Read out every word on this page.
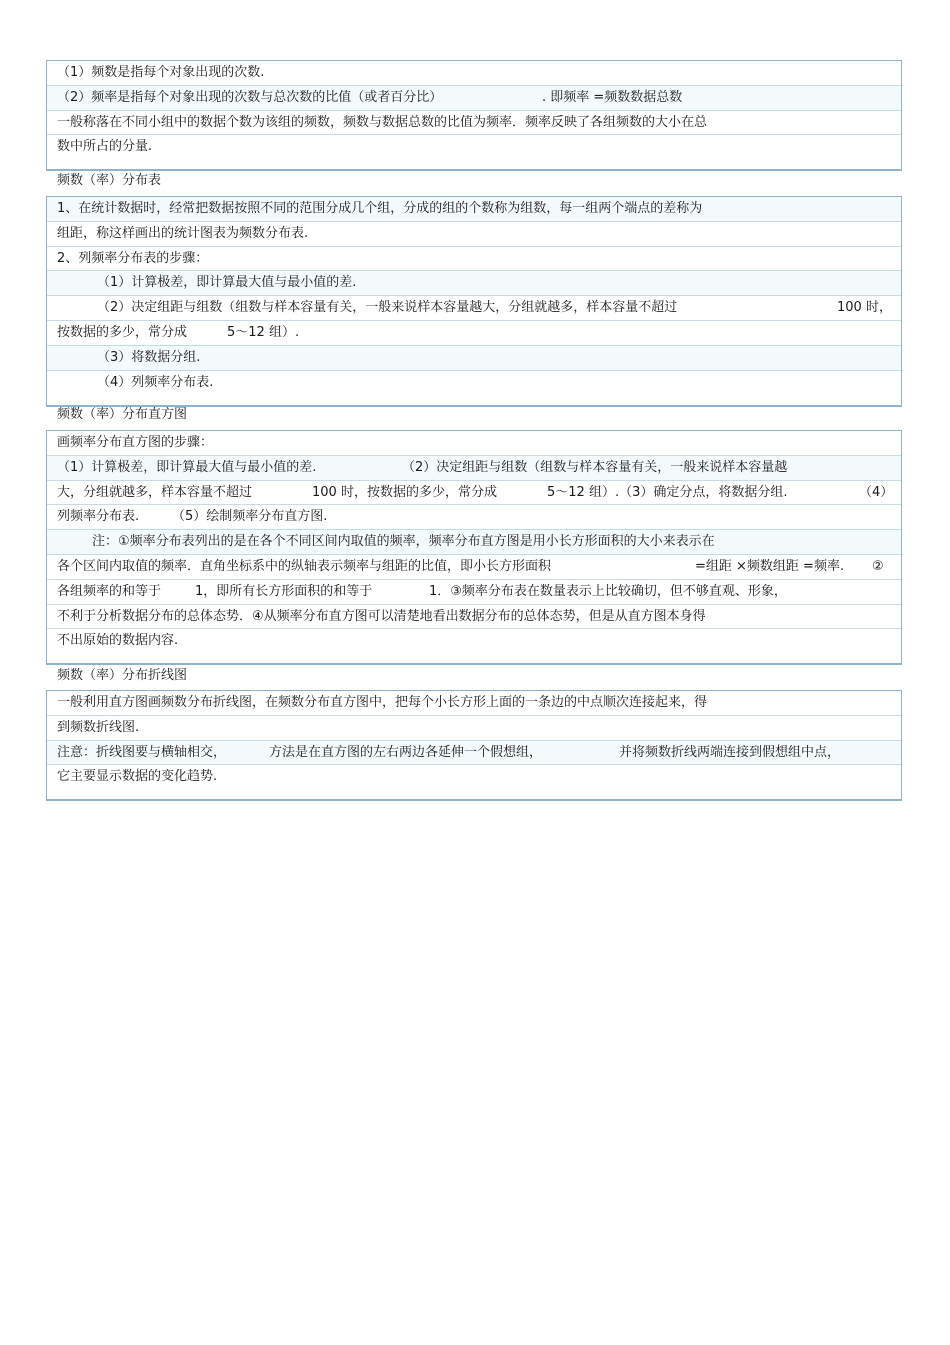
（1）频数是指每个对象出现的次数.
（2）频率是指每个对象出现的次数与总次数的比值（或者百分比）	. 即频率 =频数数据总数
一般称落在不同小组中的数据个数为该组的频数，频数与数据总数的比值为频率．频率反映了各组频数的大小在总
数中所占的分量.
频数（率）分布表
1、在统计数据时，经常把数据按照不同的范围分成几个组，分成的组的个数称为组数，每一组两个端点的差称为
组距，称这样画出的统计图表为频数分布表.
2、列频率分布表的步骤：
（1）计算极差，即计算最大值与最小值的差.
（2）决定组距与组数（组数与样本容量有关，一般来说样本容量越大，分组就越多，样本容量不超过	100 时，
按数据的多少，常分成	5～12 组）.
（3）将数据分组.
（4）列频率分布表.
频数（率）分布直方图
画频率分布直方图的步骤：
（1）计算极差，即计算最大值与最小值的差.	（2）决定组距与组数（组数与样本容量有关，一般来说样本容量越
大，分组就越多，样本容量不超过	100 时，按数据的多少，常分成	5～12 组）.（3）确定分点，将数据分组.	（4）
列频率分布表.	（5）绘制频率分布直方图.
注：①频率分布表列出的是在各个不同区间内取值的频率，频率分布直方图是用小长方形面积的大小来表示在
各个区间内取值的频率．直角坐标系中的纵轴表示频率与组距的比值，即小长方形面积	=组距 ×频数组距 =频率. ②
各组频率的和等于	1，即所有长方形面积的和等于	1．③频率分布表在数量表示上比较确切，但不够直观、形象，
不利于分析数据分布的总体态势．④从频率分布直方图可以清楚地看出数据分布的总体态势，但是从直方图本身得
不出原始的数据内容.
频数（率）分布折线图
一般利用直方图画频数分布折线图，在频数分布直方图中，把每个小长方形上面的一条边的中点顺次连接起来，得
到频数折线图.
注意：折线图要与横轴相交，	方法是在直方图的左右两边各延伸一个假想组，	并将频数折线两端连接到假想组中点，
它主要显示数据的变化趋势.
